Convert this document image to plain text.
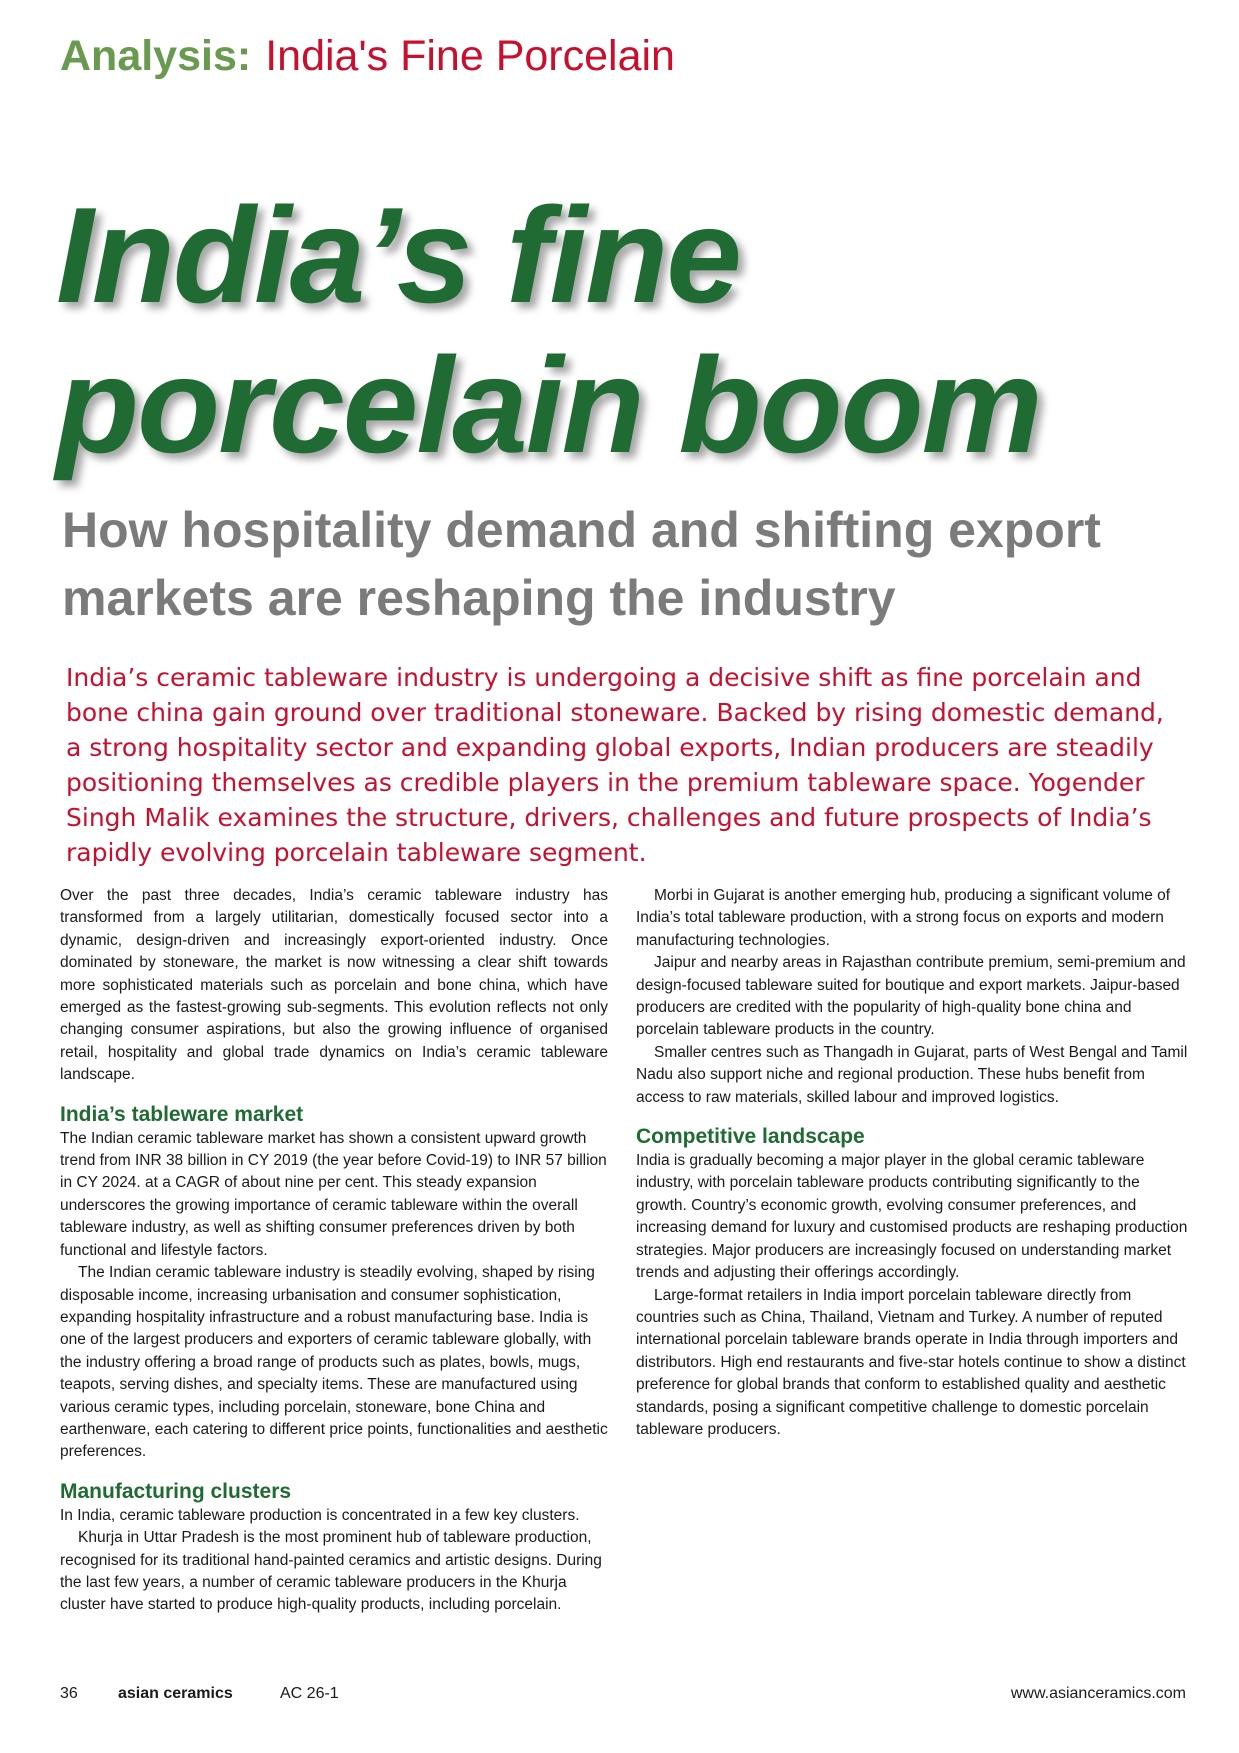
Analysis: India's Fine Porcelain
India’s fine
porcelain boom
How hospitality demand and shifting export markets are reshaping the industry

India’s ceramic tableware industry is undergoing a decisive shift as fine porcelain and bone china gain ground over traditional stoneware. Backed by rising domestic demand, a strong hospitality sector and expanding global exports, Indian producers are steadily positioning themselves as credible players in the premium tableware space. Yogender Singh Malik examines the structure, drivers, challenges and future prospects of India’s rapidly evolving porcelain tableware segment.

Over the past three decades, India’s ceramic tableware industry has transformed from a largely utilitarian, domestically focused sector into a dynamic, design-driven and increasingly export-oriented industry. Once dominated by stoneware, the market is now witnessing a clear shift towards more sophisticated materials such as porcelain and bone china, which have emerged as the fastest-growing sub-segments. This evolution reflects not only changing consumer aspirations, but also the growing influence of organised retail, hospitality and global trade dynamics on India’s ceramic tableware landscape.

India’s tableware market

The Indian ceramic tableware market has shown a consistent upward growth trend from INR 38 billion in CY 2019 (the year before Covid-19) to INR 57 billion in CY 2024. at a CAGR of about nine per cent. This steady expansion underscores the growing importance of ceramic tableware within the overall tableware industry, as well as shifting consumer preferences driven by both functional and lifestyle factors.

The Indian ceramic tableware industry is steadily evolving, shaped by rising disposable income, increasing urbanisation and consumer sophistication, expanding hospitality infrastructure and a robust manufacturing base. India is one of the largest producers and exporters of ceramic tableware globally, with the industry offering a broad range of products such as plates, bowls, mugs, teapots, serving dishes, and specialty items. These are manufactured using various ceramic types, including porcelain, stoneware, bone China and earthenware, each catering to different price points, functionalities and aesthetic preferences.

Manufacturing clusters

In India, ceramic tableware production is concentrated in a few key clusters.

Khurja in Uttar Pradesh is the most prominent hub of tableware production, recognised for its traditional hand-painted ceramics and artistic designs. During the last few years, a number of ceramic tableware producers in the Khurja cluster have started to produce high-quality products, including porcelain.

Morbi in Gujarat is another emerging hub, producing a significant volume of India’s total tableware production, with a strong focus on exports and modern manufacturing technologies.

Jaipur and nearby areas in Rajasthan contribute premium, semi-premium and design-focused tableware suited for boutique and export markets. Jaipur-based producers are credited with the popularity of high-quality bone china and porcelain tableware products in the country.

Smaller centres such as Thangadh in Gujarat, parts of West Bengal and Tamil Nadu also support niche and regional production. These hubs benefit from access to raw materials, skilled labour and improved logistics.

Competitive landscape

India is gradually becoming a major player in the global ceramic tableware industry, with porcelain tableware products contributing significantly to the growth. Country’s economic growth, evolving consumer preferences, and increasing demand for luxury and customised products are reshaping production strategies. Major producers are increasingly focused on understanding market trends and adjusting their offerings accordingly.

Large-format retailers in India import porcelain tableware directly from countries such as China, Thailand, Vietnam and Turkey. A number of reputed international porcelain tableware brands operate in India through importers and distributors. High end restaurants and five-star hotels continue to show a distinct preference for global brands that conform to established quality and aesthetic standards, posing a significant competitive challenge to domestic porcelain tableware producers.

36	asian ceramics	AC 26-1	www.asianceramics.com
